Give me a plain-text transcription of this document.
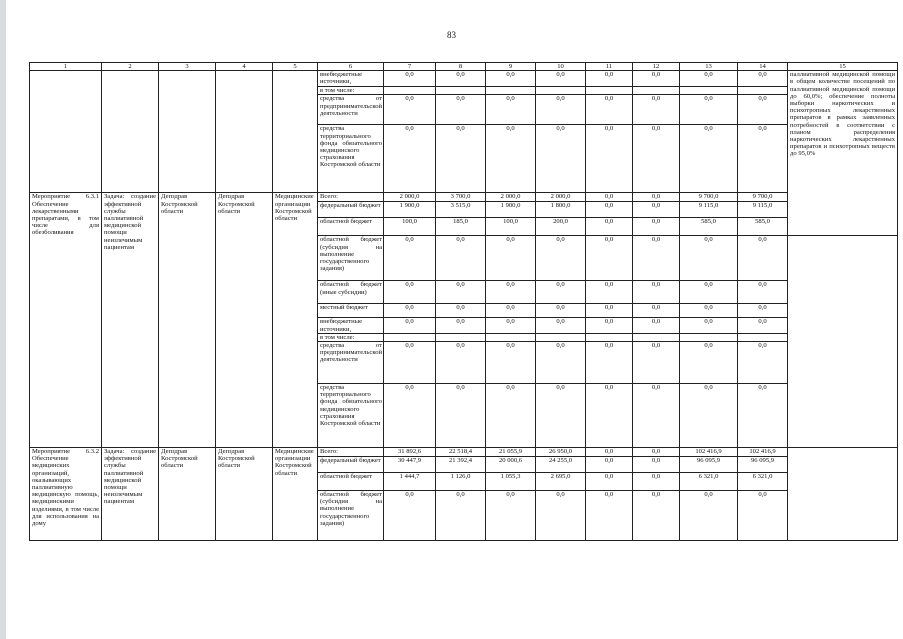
83
1	2	3	4	5	6	7	8	9	10	11	12	13	14	15
					внебюджетные источники,	0,0	0,0	0,0	0,0	0,0	0,0	0,0	0,0	паллиативной медицинской помощи в общем количестве посещений по паллиативной медицинской помощи до 60,0%; обеспечение полноты выборки наркотических и психотропных лекарственных препаратов в рамках заявленных потребностей в соответствии с планом распределения наркотических лекарственных препаратов и психотропных веществ до 95,0%
					в том числе:									
					средства от предпринимательской деятельности	0,0	0,0	0,0	0,0	0,0	0,0	0,0	0,0	
					средства территориального фонда обязательного медицинского страхования Костромской области	0,0	0,0	0,0	0,0	0,0	0,0	0,0	0,0	
Мероприятие 6.3.1 Обеспечение лекарственными препаратами, в том числе для обезболивания	Задача: создание эффективной службы паллиативной медицинской помощи неизлечимым пациентам	Депздрав Костромской области	Депздрав Костромской области	Медицинские организации Костромской области	Всего:	2 000,0	3 700,0	2 000,0	2 000,0	0,0	0,0	9 700,0	9 700,0	
					федеральный бюджет	1 900,0	3 515,0	1 900,0	1 800,0	0,0	0,0	9 115,0	9 115,0	
					областной бюджет	100,0	185,0	100,0	200,0	0,0	0,0	585,0	585,0	
					областной бюджет (субсидия на выполнение государственного задания)	0,0	0,0	0,0	0,0	0,0	0,0	0,0	0,0	
					областной бюджет (иные субсидии)	0,0	0,0	0,0	0,0	0,0	0,0	0,0	0,0	
					местный бюджет	0,0	0,0	0,0	0,0	0,0	0,0	0,0	0,0	
					внебюджетные источники,	0,0	0,0	0,0	0,0	0,0	0,0	0,0	0,0	
					в том числе:									
					средства от предпринимательской деятельности	0,0	0,0	0,0	0,0	0,0	0,0	0,0	0,0	
					средства территориального фонда обязательного медицинского страхования Костромской области	0,0	0,0	0,0	0,0	0,0	0,0	0,0	0,0	
Мероприятие 6.3.2 Обеспечение медицинских организаций, оказывающих паллиативную медицинскую помощь, медицинскими изделиями, в том числе для использования на дому	Задача: создание эффективной службы паллиативной медицинской помощи неизлечимым пациентам	Депздрав Костромской области	Депздрав Костромской области	Медицинские организации Костромской области	Всего:	31 892,6	22 518,4	21 055,9	26 950,0	0,0	0,0	102 416,9	102 416,9	
					федеральный бюджет	30 447,9	21 392,4	20 000,6	24 255,0	0,0	0,0	96 095,9	96 095,9	
					областной бюджет	1 444,7	1 126,0	1 055,3	2 695,0	0,0	0,0	6 321,0	6 321,0	
					областной бюджет (субсидия на выполнение государственного задания)	0,0	0,0	0,0	0,0	0,0	0,0	0,0	0,0	
